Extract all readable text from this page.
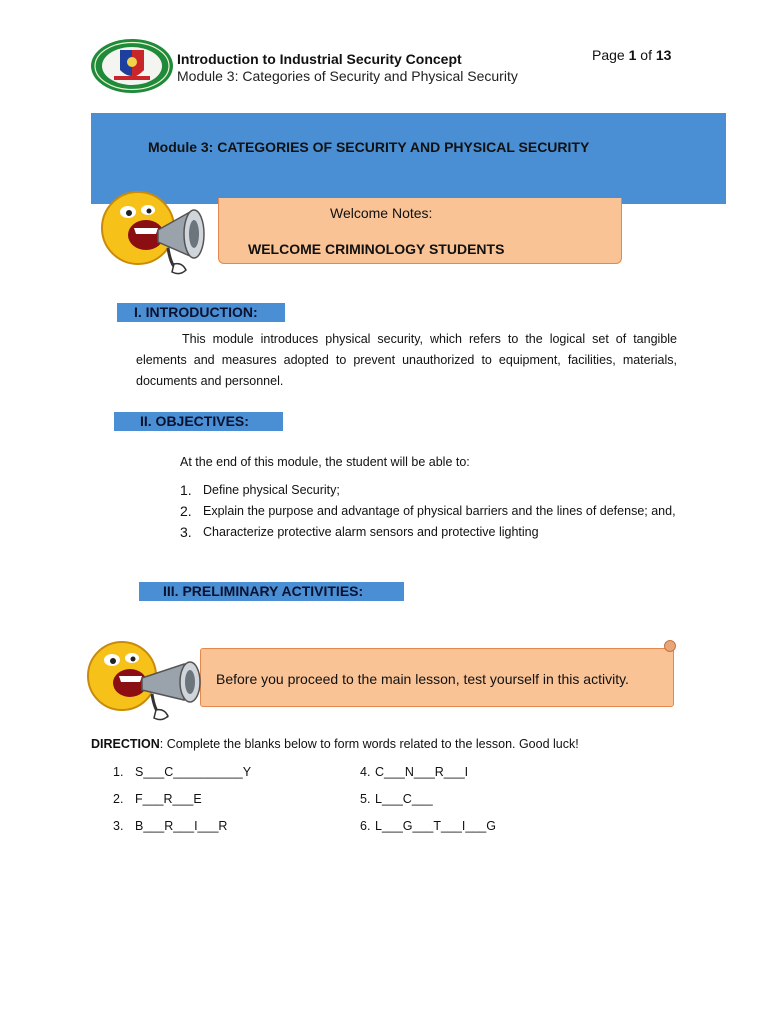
Introduction to Industrial Security Concept
Module 3: Categories of Security and Physical Security
Page 1 of 13
Module 3: CATEGORIES OF SECURITY AND PHYSICAL SECURITY
Welcome Notes:
WELCOME CRIMINOLOGY STUDENTS
I. INTRODUCTION:
This module introduces physical security, which refers to the logical set of tangible elements and measures adopted to prevent unauthorized to equipment, facilities, materials, documents and personnel.
II. OBJECTIVES:
At the end of this module, the student will be able to:
1. Define physical Security;
2. Explain the purpose and advantage of physical barriers and the lines of defense; and,
3. Characterize protective alarm sensors and protective lighting
III. PRELIMINARY ACTIVITIES:
Before you proceed to the main lesson, test yourself in this activity.
DIRECTION: Complete the blanks below to form words related to the lesson. Good luck!
1. S___C__________Y
2. F___R___E
3. B___R___I___R
4. C___N___R___I
5. L___C___
6. L___G___T___I___G
